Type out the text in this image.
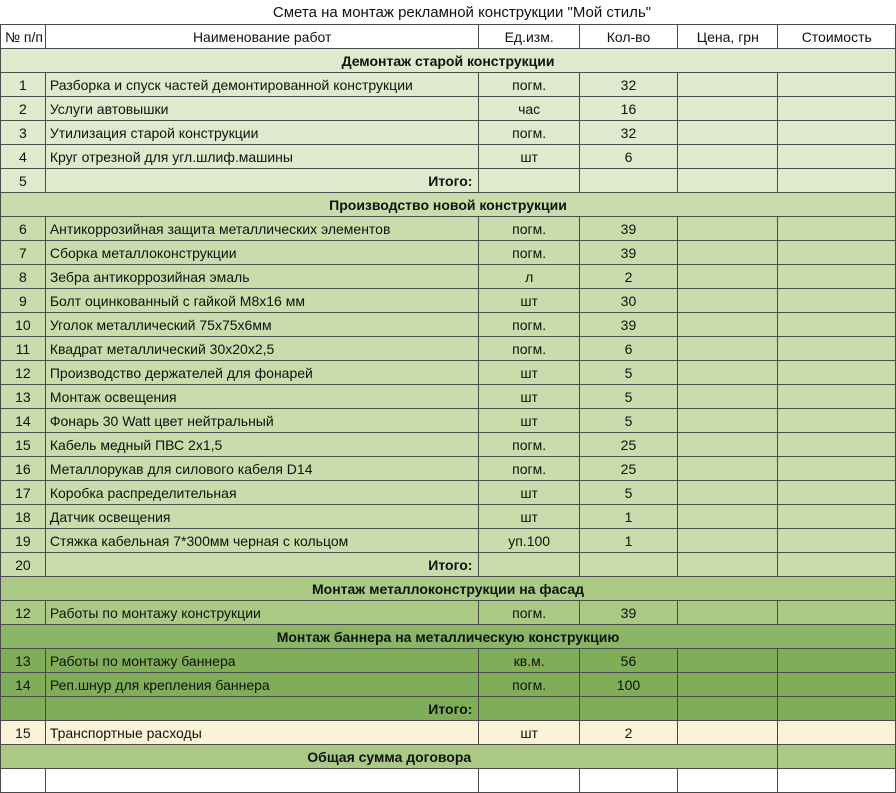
Смета на монтаж рекламной конструкции "Мой стиль"
№ п/п	Наименование работ	Ед.изм.	Кол-во	Цена, грн	Стоимость
Демонтаж старой конструкции					
1	Разборка и спуск частей демонтированной конструкции	погм.	32		
2	Услуги автовышки	час	16		
3	Утилизация старой конструкции	погм.	32		
4	Круг отрезной для угл.шлиф.машины	шт	6		
5	Итого:				
Производство новой конструкции					
6	Антикоррозийная защита металлических элементов	погм.	39		
7	Сборка металлоконструкции	погм.	39		
8	Зебра антикоррозийная эмаль	л	2		
9	Болт оцинкованный с гайкой М8х16 мм	шт	30		
10	Уголок металлический 75х75х6мм	погм.	39		
11	Квадрат металлический 30х20х2,5	погм.	6		
12	Производство держателей для фонарей	шт	5		
13	Монтаж освещения	шт	5		
14	Фонарь 30 Watt цвет нейтральный	шт	5		
15	Кабель медный ПВС 2х1,5	погм.	25		
16	Металлорукав для силового кабеля D14	погм.	25		
17	Коробка распределительная	шт	5		
18	Датчик освещения	шт	1		
19	Стяжка кабельная 7*300мм черная с кольцом	уп.100	1		
20	Итого:				
Монтаж металлоконструкции на фасад					
12	Работы по монтажу конструкции	погм.	39		
Монтаж баннера на металлическую конструкцию					
13	Работы по монтажу баннера	кв.м.	56		
14	Реп.шнур для крепления баннера	погм.	100		
	Итого:				
15	Транспортные расходы	шт	2		
Общая сумма договора					
